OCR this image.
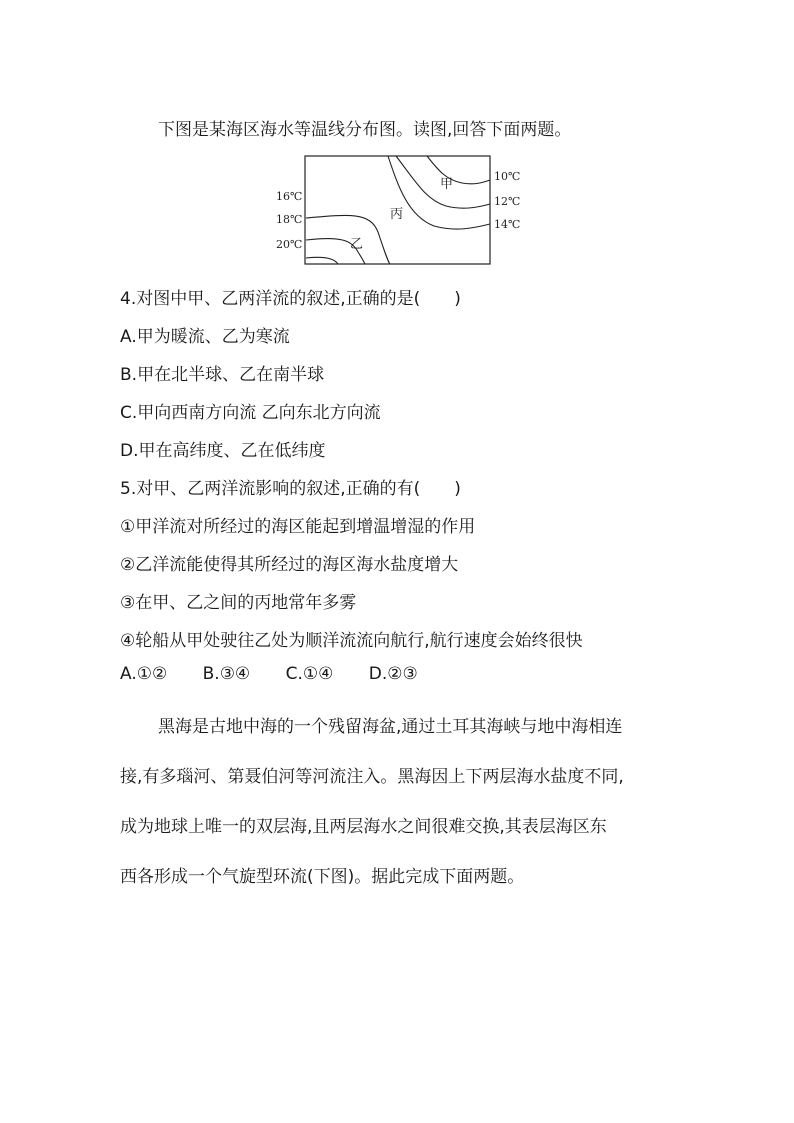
下图是某海区海水等温线分布图。读图,回答下面两题。
16℃
18℃
20℃
10℃
12℃
14℃
甲
丙
乙
4.对图中甲、乙两洋流的叙述,正确的是(　　)
A.甲为暖流、乙为寒流
B.甲在北半球、乙在南半球
C.甲向西南方向流 乙向东北方向流
D.甲在高纬度、乙在低纬度
5.对甲、乙两洋流影响的叙述,正确的有(　　)
①甲洋流对所经过的海区能起到增温增湿的作用
②乙洋流能使得其所经过的海区海水盐度增大
③在甲、乙之间的丙地常年多雾
④轮船从甲处驶往乙处为顺洋流流向航行,航行速度会始终很快
A.①② B.③④ C.①④ D.②③
黑海是古地中海的一个残留海盆,通过土耳其海峡与地中海相连
接,有多瑙河、第聂伯河等河流注入。黑海因上下两层海水盐度不同,
成为地球上唯一的双层海,且两层海水之间很难交换,其表层海区东
西各形成一个气旋型环流(下图)。据此完成下面两题。
